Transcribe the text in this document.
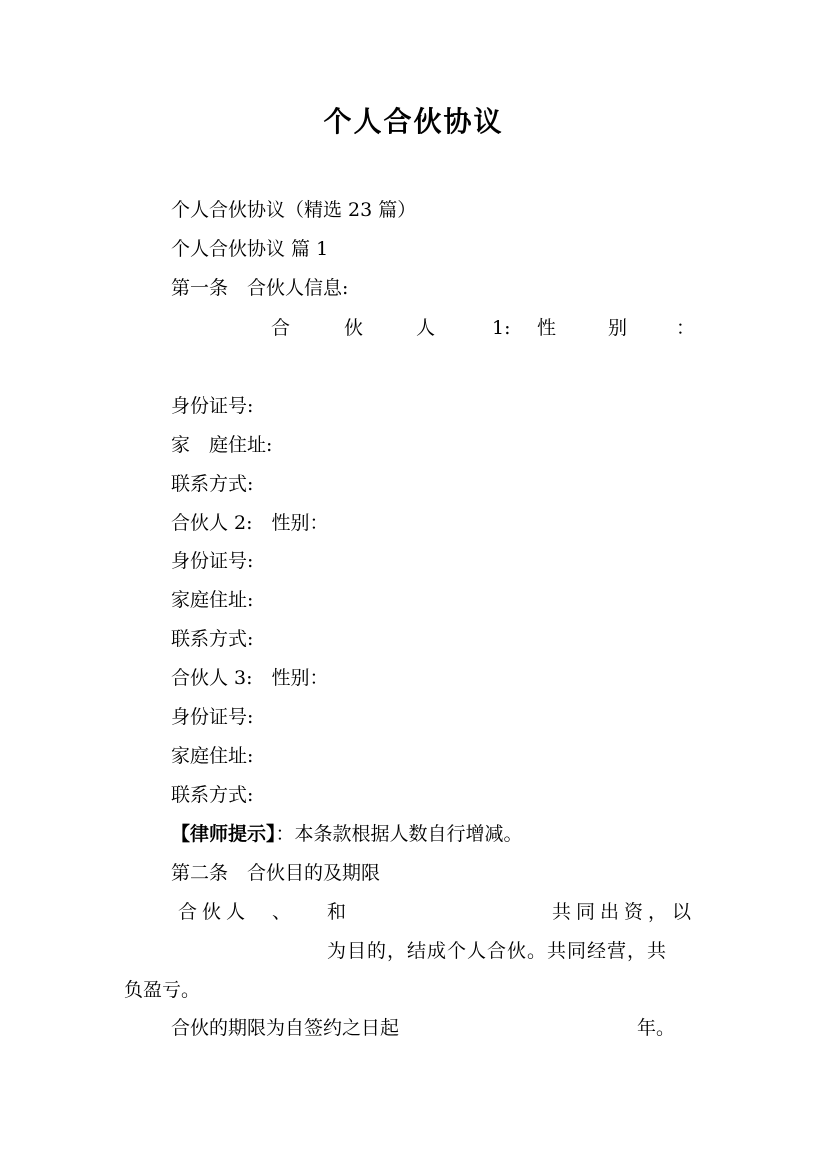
个人合伙协议
个人合伙协议（精选 23 篇）
个人合伙协议 篇 1
第一条　合伙人信息:
合	伙	人	1: 性	别	：
身份证号:
家　庭住址:
联系方式:
合伙人 2:　性别：
身份证号:
家庭住址:
联系方式:
合伙人 3:　性别：
身份证号:
家庭住址:
联系方式:
【律师提示】：本条款根据人数自行增减。
第二条　合伙目的及期限
合伙人 、 和	共同出资，以
为目的，结成个人合伙。共同经营，共
负盈亏。
合伙的期限为自签约之日起	年。
